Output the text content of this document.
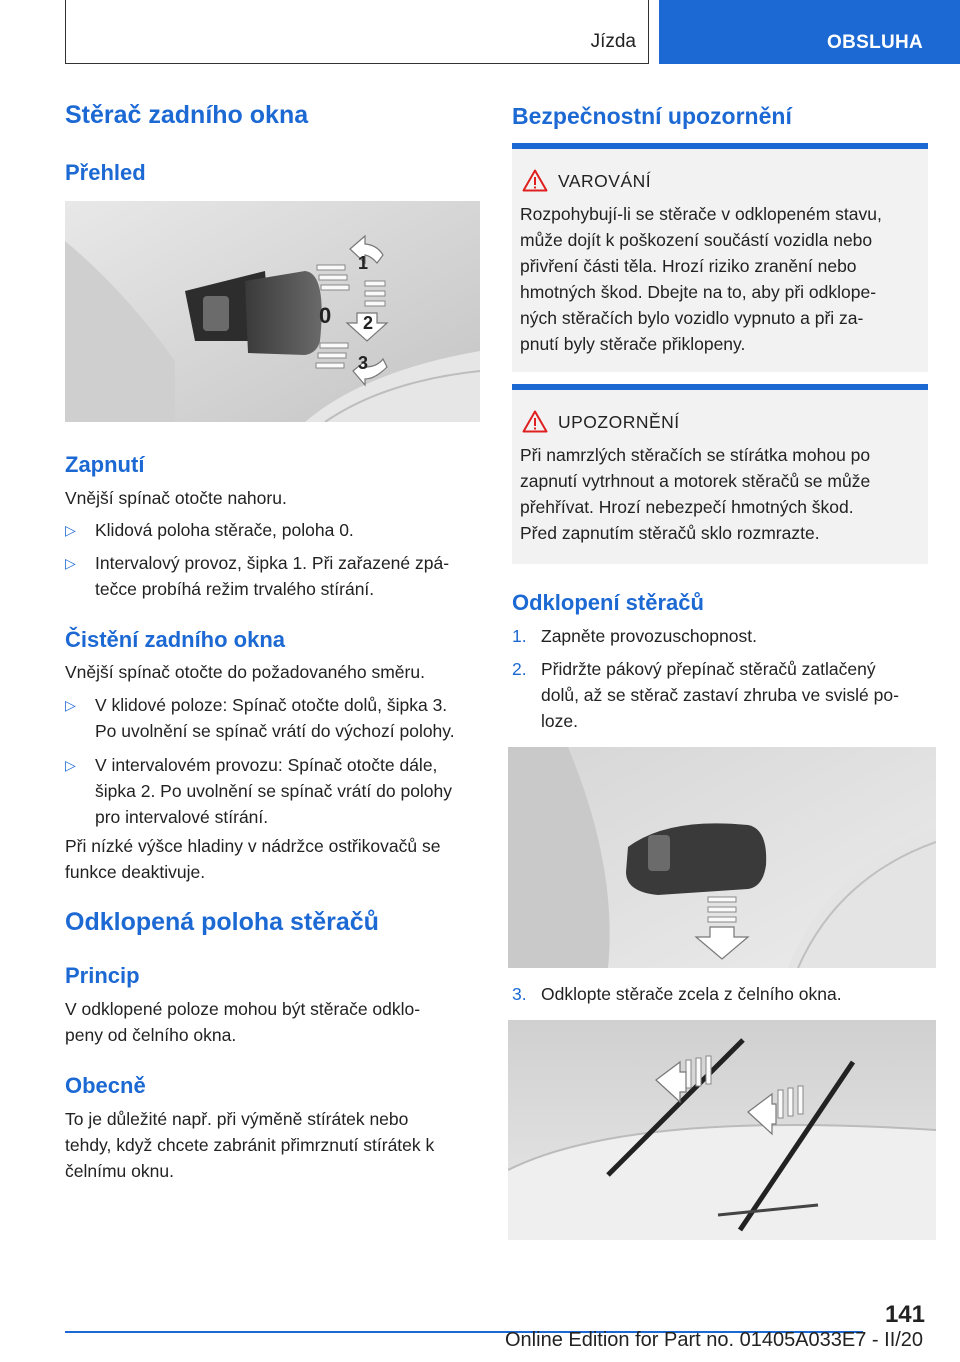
Jízda	OBSLUHA
Stěrač zadního okna
Přehled
1
0 2
3
Zapnutí

Vnější spínač otočte nahoru.

▷ Klidová poloha stěrače, poloha 0.
▷ Intervalový provoz, šipka 1. Při zařazené zpá-
tečce probíhá režim trvalého stírání.
Čistění zadního okna

Vnější spínač otočte do požadovaného směru.

▷ V klidové poloze: Spínač otočte dolů, šipka 3.
Po uvolnění se spínač vrátí do výchozí polohy.
▷ V intervalovém provozu: Spínač otočte dále,
šipka 2. Po uvolnění se spínač vrátí do polohy
pro intervalové stírání.
Při nízké výšce hladiny v nádržce ostřikovačů se
funkce deaktivuje.
Odklopená poloha stěračů
Princip
V odklopené poloze mohou být stěrače odklo-
peny od čelního okna.
Obecně
To je důležité např. při výměně stírátek nebo
tehdy, když chcete zabránit přimrznutí stírátek k
čelnímu oknu.
Bezpečnostní upozornění
VAROVÁNÍ
Rozpohybují-li se stěrače v odklopeném stavu,
může dojít k poškození součástí vozidla nebo
přivření části těla. Hrozí riziko zranění nebo
hmotných škod. Dbejte na to, aby při odklope-
ných stěračích bylo vozidlo vypnuto a při za-
pnutí byly stěrače přiklopeny.
UPOZORNĚNÍ
Při namrzlých stěračích se stírátka mohou po
zapnutí vytrhnout a motorek stěračů se může
přehřívat. Hrozí nebezpečí hmotných škod.
Před zapnutím stěračů sklo rozmrazte.
Odklopení stěračů
1. Zapněte provozuschopnost.
2. Přidržte pákový přepínač stěračů zatlačený
dolů, až se stěrač zastaví zhruba ve svislé po-
loze.
3. Odklopte stěrače zcela z čelního okna.
141
Online Edition for Part no. 01405A033E7 - II/20
